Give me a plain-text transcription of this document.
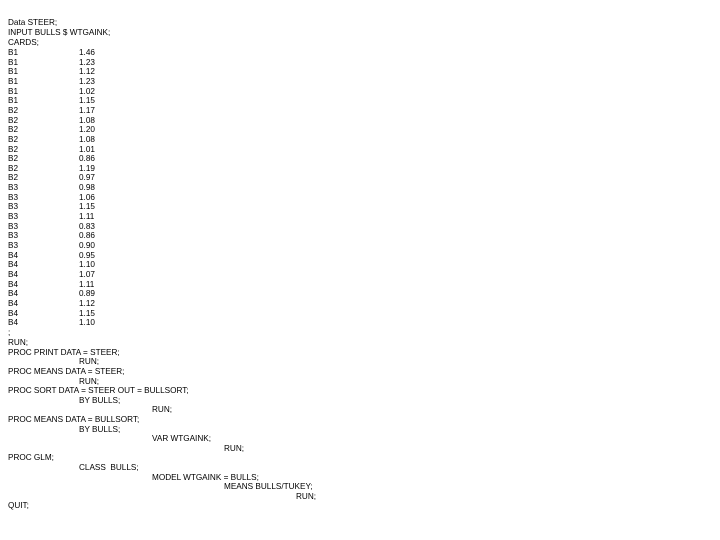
Data STEER;
INPUT BULLS $ WTGAINK;
CARDS;
B1	1.46
B1	1.23
B1	1.12
B1	1.23
B1	1.02
B1	1.15
B2	1.17
B2	1.08
B2	1.20
B2	1.08
B2	1.01
B2	0.86
B2	1.19
B2	0.97
B3	0.98
B3	1.06
B3	1.15
B3	1.11
B3	0.83
B3	0.86
B3	0.90
B4	0.95
B4	1.10
B4	1.07
B4	1.11
B4	0.89
B4	1.12
B4	1.15
B4	1.10
;
RUN;
PROC PRINT DATA = STEER;
RUN;
PROC MEANS DATA = STEER;
RUN;
PROC SORT DATA = STEER OUT = BULLSORT;
BY BULLS;
RUN;
PROC MEANS DATA = BULLSORT;
BY BULLS;
VAR WTGAINK;
RUN;
PROC GLM;
CLASS  BULLS;
MODEL WTGAINK = BULLS;
MEANS BULLS/TUKEY;
RUN;
QUIT;
